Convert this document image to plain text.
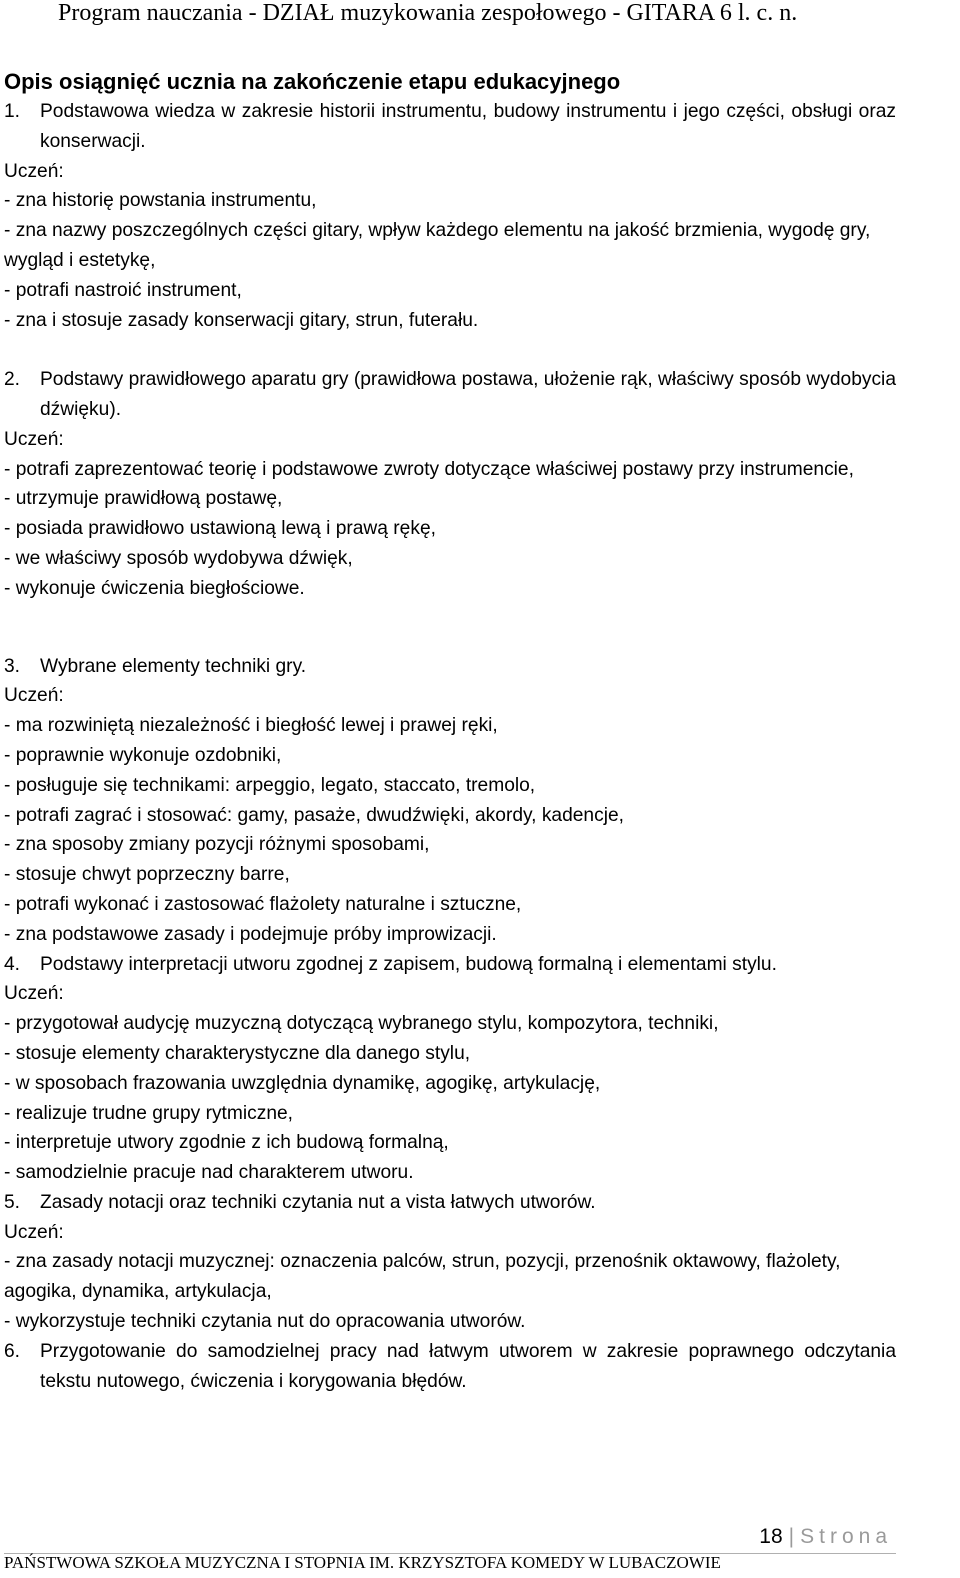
Program nauczania - DZIAŁ muzykowania zespołowego - GITARA 6 l. c. n.
Opis osiągnięć ucznia na zakończenie etapu edukacyjnego
1.	Podstawowa wiedza w zakresie historii instrumentu, budowy instrumentu i jego części, obsługi oraz konserwacji.

Uczeń:

- zna historię powstania instrumentu,

- zna nazwy poszczególnych części gitary, wpływ każdego elementu na jakość brzmienia, wygodę gry, wygląd i estetykę,

- potrafi nastroić instrument,

- zna i stosuje zasady konserwacji gitary, strun, futerału.

2.	Podstawy prawidłowego aparatu gry (prawidłowa postawa, ułożenie rąk, właściwy sposób wydobycia dźwięku).

Uczeń:

- potrafi zaprezentować teorię i podstawowe zwroty dotyczące właściwej postawy przy instrumencie,

- utrzymuje prawidłową postawę,

- posiada prawidłowo ustawioną lewą i prawą rękę,

- we właściwy sposób wydobywa dźwięk,

- wykonuje ćwiczenia biegłościowe.

3.	Wybrane elementy techniki gry.

Uczeń:

- ma rozwiniętą niezależność i biegłość lewej i prawej ręki,

- poprawnie wykonuje ozdobniki,

- posługuje się technikami: arpeggio, legato, staccato, tremolo,

- potrafi zagrać i stosować: gamy, pasaże, dwudźwięki, akordy, kadencje,

- zna sposoby zmiany pozycji różnymi sposobami,

- stosuje chwyt poprzeczny barre,

- potrafi wykonać i zastosować flażolety naturalne i sztuczne,

- zna podstawowe zasady i podejmuje próby improwizacji.

4.	Podstawy interpretacji utworu zgodnej z zapisem, budową formalną i elementami stylu.

Uczeń:

- przygotował audycję muzyczną dotyczącą wybranego stylu, kompozytora, techniki,

- stosuje elementy charakterystyczne dla danego stylu,

- w sposobach frazowania uwzględnia dynamikę, agogikę, artykulację,

- realizuje trudne grupy rytmiczne,

- interpretuje utwory zgodnie z ich budową formalną,

- samodzielnie pracuje nad charakterem utworu.

5.	Zasady notacji oraz techniki czytania nut a vista łatwych utworów.

Uczeń:

- zna zasady notacji muzycznej: oznaczenia palców, strun, pozycji, przenośnik oktawowy, flażolety, agogika, dynamika, artykulacja,

- wykorzystuje techniki czytania nut do opracowania utworów.

6.	Przygotowanie do samodzielnej pracy nad łatwym utworem w zakresie poprawnego odczytania tekstu nutowego, ćwiczenia i korygowania błędów.
18 | Strona
PAŃSTWOWA SZKOŁA MUZYCZNA I STOPNIA IM. KRZYSZTOFA KOMEDY W LUBACZOWIE
